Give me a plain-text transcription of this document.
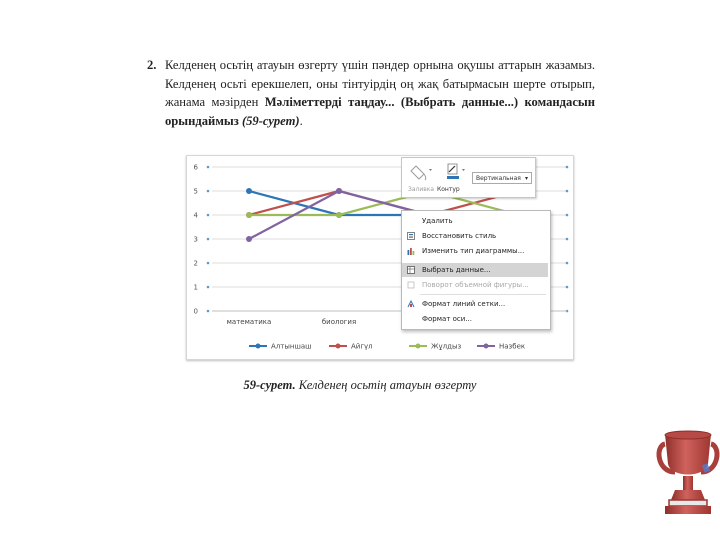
2. Келденең осьтің атауын өзгерту үшін пәндер орнына оқушы аттарын жазамыз. Келденең осьті ерекшелеп, оны тінтуірдің оң жақ батырмасын шерте отырып, жанама мәзірден Мәліметтерді таңдау... (Выбрать данные...) командасын орындаймыз (59-сурет).
0
1
2
3
4
5
6
математика	биология
Алтыншаш	Айгүл	Жұлдыз	Назбек
Заливка Контур
Вертикальная ▾
Удалить
Восстановить стиль
Изменить тип диаграммы...
Выбрать данные...
Поворот объемной фигуры...
Формат линий сетки...
Формат оси...
59-сурет. Келденең осьтің атауын өзгерту
